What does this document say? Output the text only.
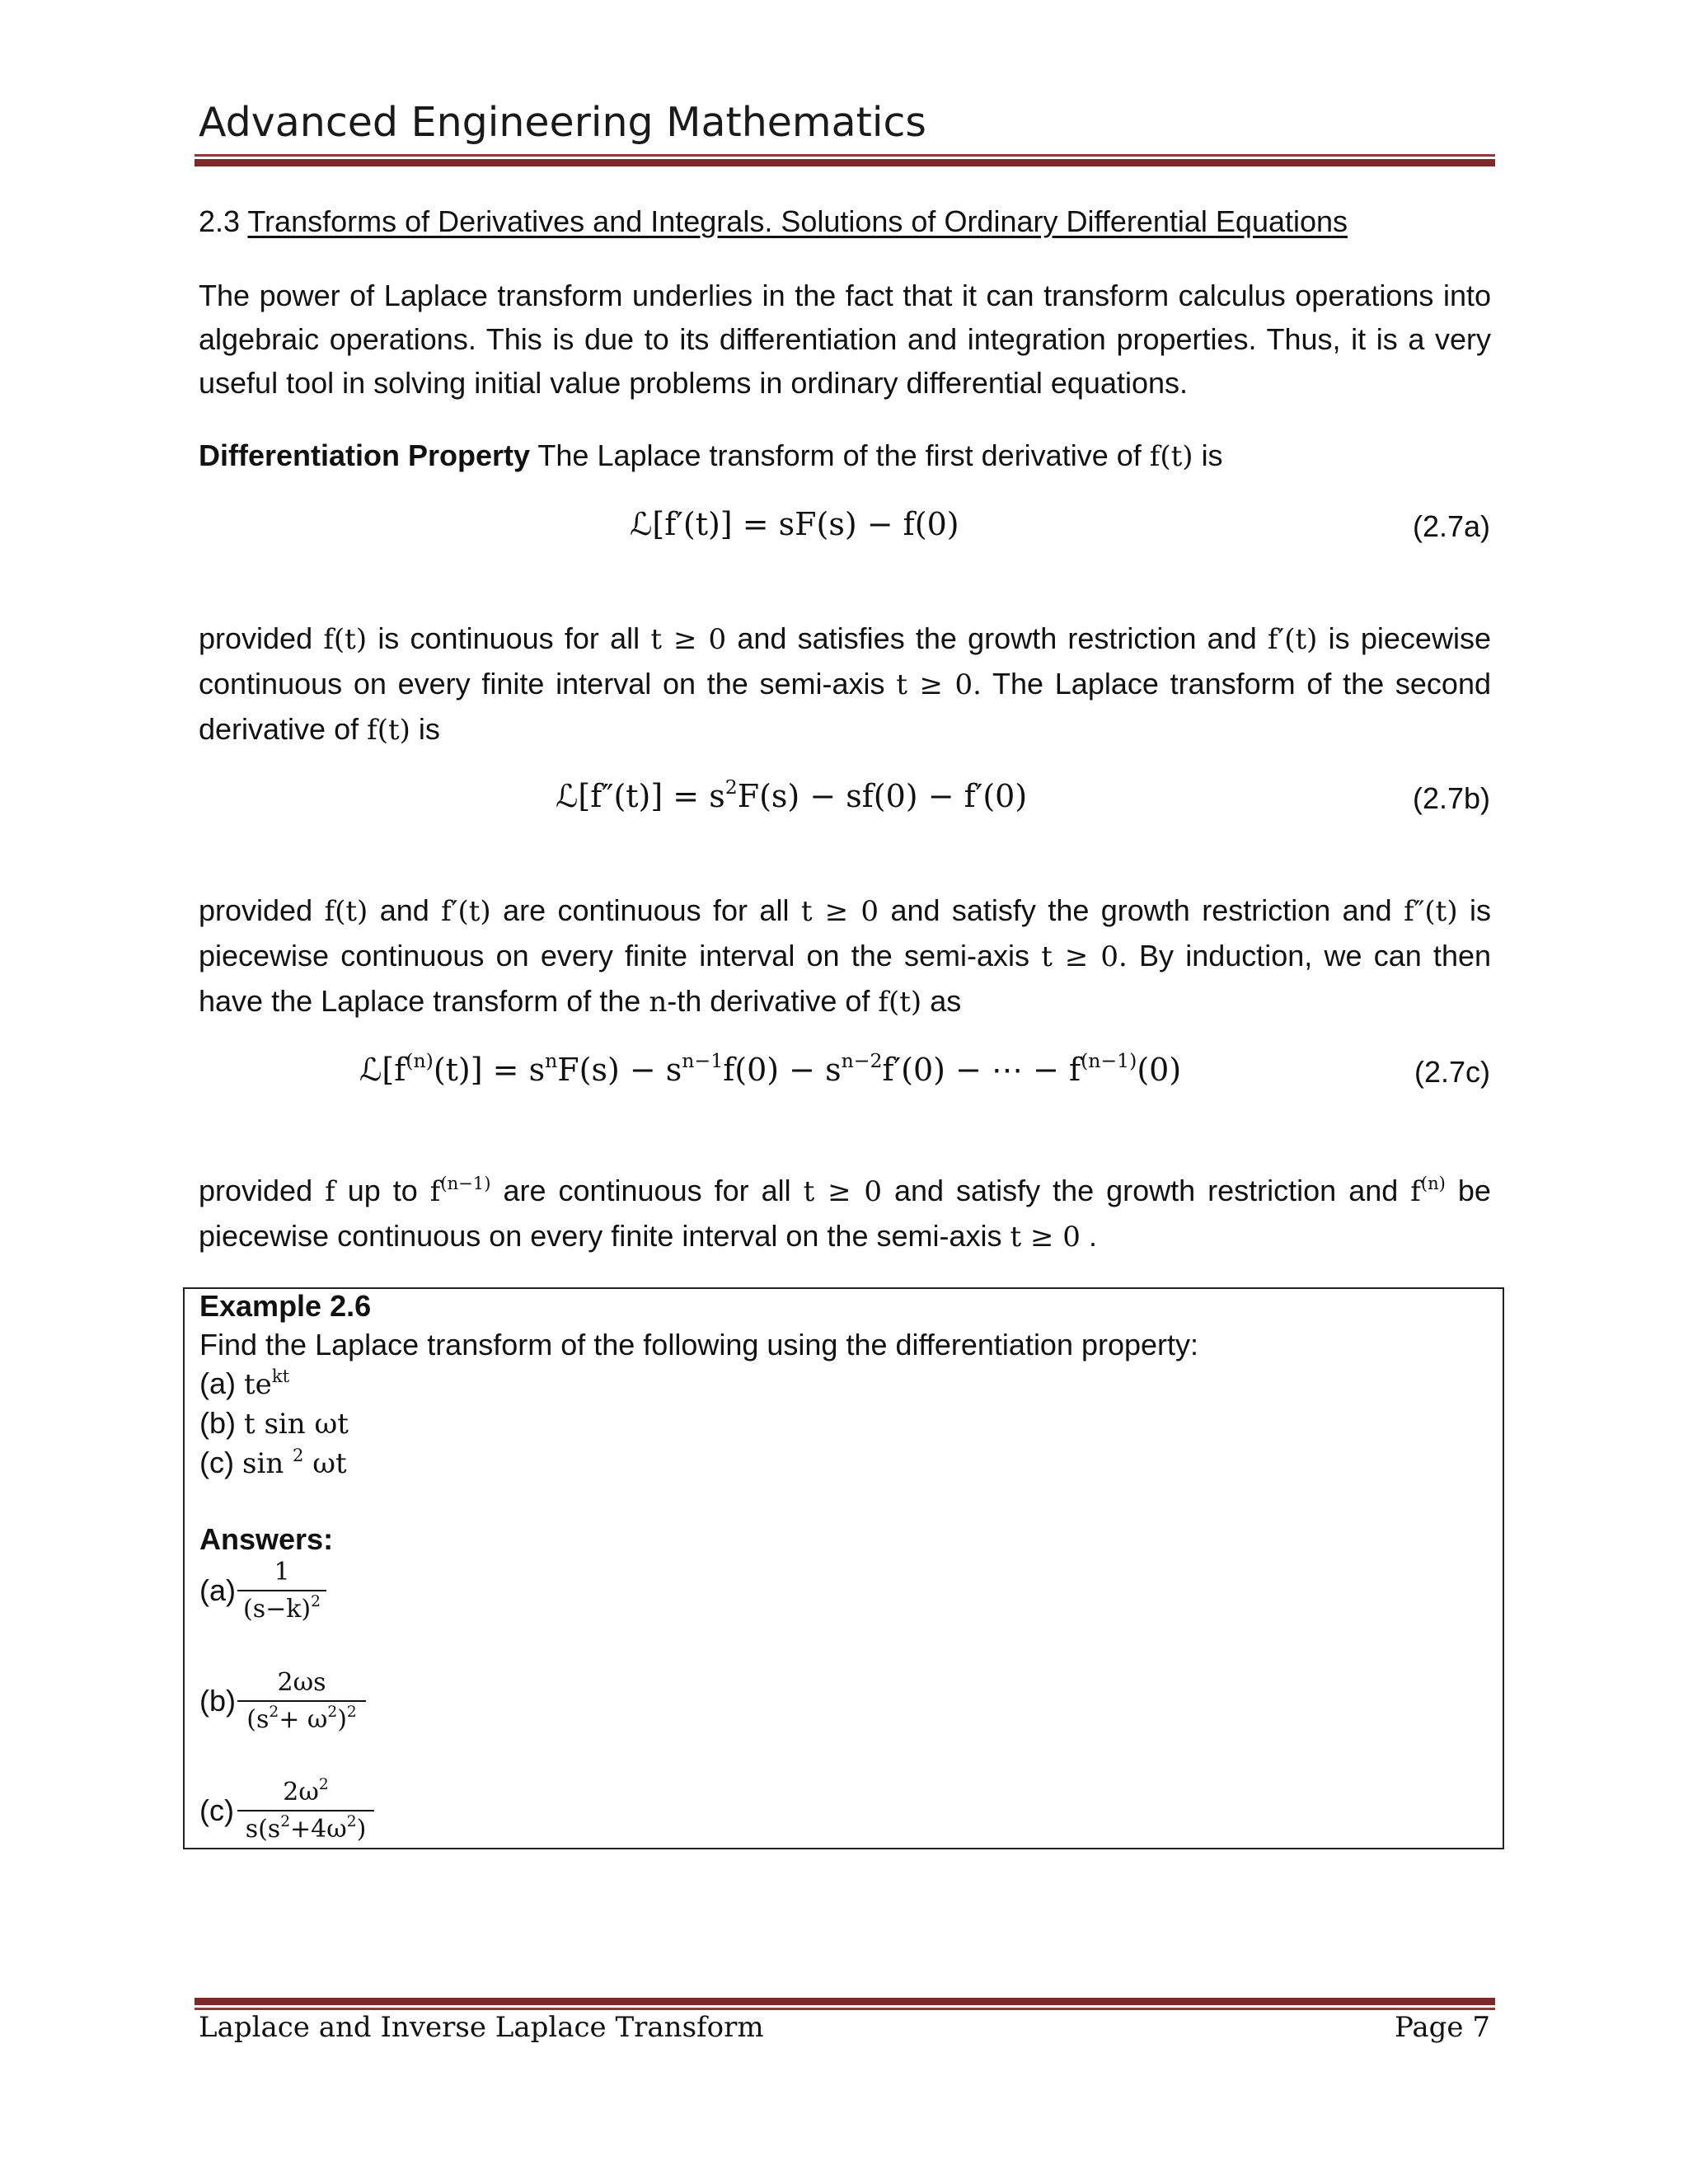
Advanced Engineering Mathematics
2.3 Transforms of Derivatives and Integrals. Solutions of Ordinary Differential Equations
The power of Laplace transform underlies in the fact that it can transform calculus operations into algebraic operations. This is due to its differentiation and integration properties. Thus, it is a very useful tool in solving initial value problems in ordinary differential equations.
Differentiation Property The Laplace transform of the first derivative of f(t) is
ℒ[f′(t)] = sF(s) − f(0)	(2.7a)
provided f(t) is continuous for all t ≥ 0 and satisfies the growth restriction and f′(t) is piecewise continuous on every finite interval on the semi-axis t ≥ 0. The Laplace transform of the second derivative of f(t) is
ℒ[f″(t)] = $s^2F(s) - sf(0) - f'(0)$	(2.7b)
provided f(t) and f′(t) are continuous for all t ≥ 0 and satisfy the growth restriction and f″(t) is piecewise continuous on every finite interval on the semi-axis t ≥ 0. By induction, we can then have the Laplace transform of the n-th derivative of f(t) as
$ℒ[f^{(n)}(t)] = s^nF(s) - s^{n-1}f(0) - s^{n-2}f'(0)$ − ⋯ − $f^{(n-1)}(0)$	(2.7c)
provided f up to $f^{(n-1)}$ are continuous for all t ≥ 0 and satisfy the growth restriction and $f^{(n)}$ be piecewise continuous on every finite interval on the semi-axis t ≥ 0 .
Example 2.6
Find the Laplace transform of the following using the differentiation property:
(a) $te^{kt}$
(b) t sin ωt
(c) sin $^2$ ωt
Answers:
$(a) \frac{1}{(s-k)^2}$
$(b) \frac{2\omega s}{(s^2+ \omega^2)^2}$
$(c) \frac{2\omega^2}{s(s^2+4\omega^2)}$
Laplace and Inverse Laplace Transform	Page 7
